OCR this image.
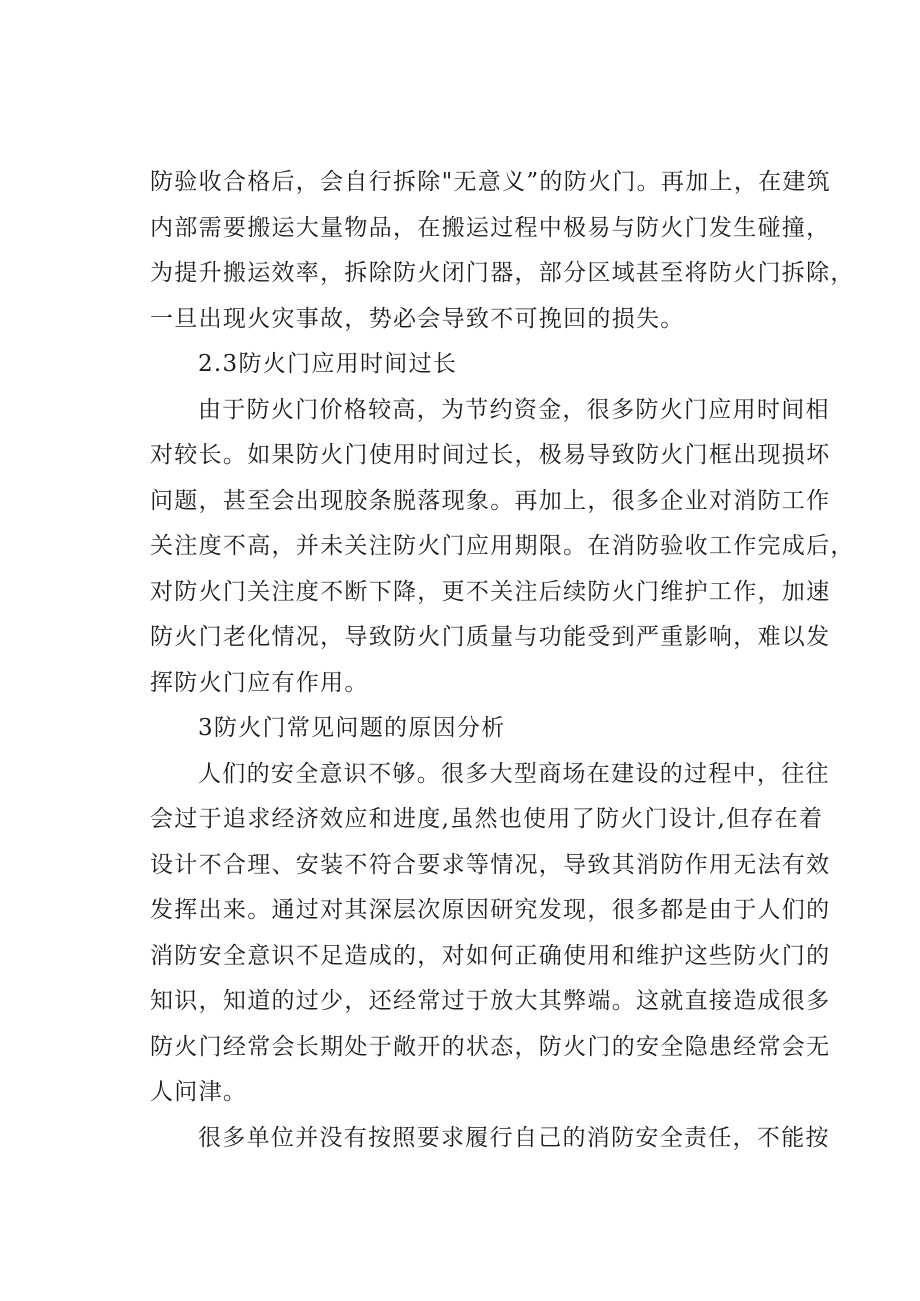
防验收合格后，会自行拆除"无意义”的防火门。再加上，在建筑
内部需要搬运大量物品，在搬运过程中极易与防火门发生碰撞，
为提升搬运效率，拆除防火闭门器，部分区域甚至将防火门拆除，
一旦出现火灾事故，势必会导致不可挽回的损失。
2.3防火门应用时间过长
由于防火门价格较高，为节约资金，很多防火门应用时间相
对较长。如果防火门使用时间过长，极易导致防火门框出现损坏
问题，甚至会出现胶条脱落现象。再加上，很多企业对消防工作
关注度不高，并未关注防火门应用期限。在消防验收工作完成后，
对防火门关注度不断下降，更不关注后续防火门维护工作，加速
防火门老化情况，导致防火门质量与功能受到严重影响，难以发
挥防火门应有作用。
3防火门常见问题的原因分析
人们的安全意识不够。很多大型商场在建设的过程中，往往
会过于追求经济效应和进度,虽然也使用了防火门设计,但存在着
设计不合理、安装不符合要求等情况，导致其消防作用无法有效
发挥出来。通过对其深层次原因研究发现，很多都是由于人们的
消防安全意识不足造成的，对如何正确使用和维护这些防火门的
知识，知道的过少，还经常过于放大其弊端。这就直接造成很多
防火门经常会长期处于敞开的状态，防火门的安全隐患经常会无
人问津。
很多单位并没有按照要求履行自己的消防安全责任，不能按
